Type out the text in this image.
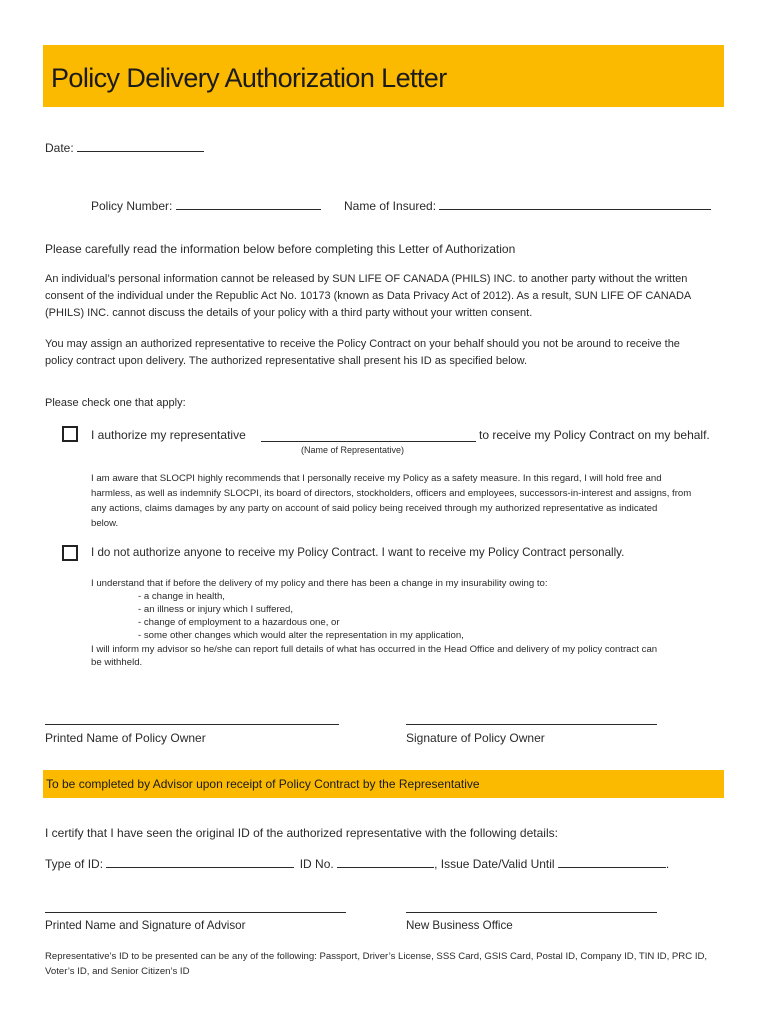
Policy Delivery Authorization Letter
Date:
Policy Number:	Name of Insured:
Please carefully read the information below before completing this Letter of Authorization
An individual’s personal information cannot be released by SUN LIFE OF CANADA (PHILS) INC. to another party without the written
consent of the individual under the Republic Act No. 10173 (known as Data Privacy Act of 2012). As a result, SUN LIFE OF CANADA
(PHILS) INC. cannot discuss the details of your policy with a third party without your written consent.
You may assign an authorized representative to receive the Policy Contract on your behalf should you not be around to receive the
policy contract upon delivery. The authorized representative shall present his ID as specified below.
Please check one that apply:
I authorize my representative	to receive my Policy Contract on my behalf.
(Name of Representative)
I am aware that SLOCPI highly recommends that I personally receive my Policy as a safety measure. In this regard, I will hold free and
harmless, as well as indemnify SLOCPI, its board of directors, stockholders, officers and employees, successors-in-interest and assigns, from
any actions, claims damages by any party on account of said policy being received through my authorized representative as indicated
below.
I do not authorize anyone to receive my Policy Contract. I want to receive my Policy Contract personally.
I understand that if before the delivery of my policy and there has been a change in my insurability owing to:
- a change in health,
- an illness or injury which I suffered,
- change of employment to a hazardous one, or
- some other changes which would alter the representation in my application,
I will inform my advisor so he/she can report full details of what has occurred in the Head Office and delivery of my policy contract can
be withheld.
Printed Name of Policy Owner	Signature of Policy Owner
To be completed by Advisor upon receipt of Policy Contract by the Representative
I certify that I have seen the original ID of the authorized representative with the following details:
Type of ID:	ID No.	, Issue Date/Valid Until	.
Printed Name and Signature of Advisor	New Business Office
Representative’s ID to be presented can be any of the following: Passport, Driver’s License, SSS Card, GSIS Card, Postal ID, Company ID, TIN ID, PRC ID,
Voter’s ID, and Senior Citizen’s ID
